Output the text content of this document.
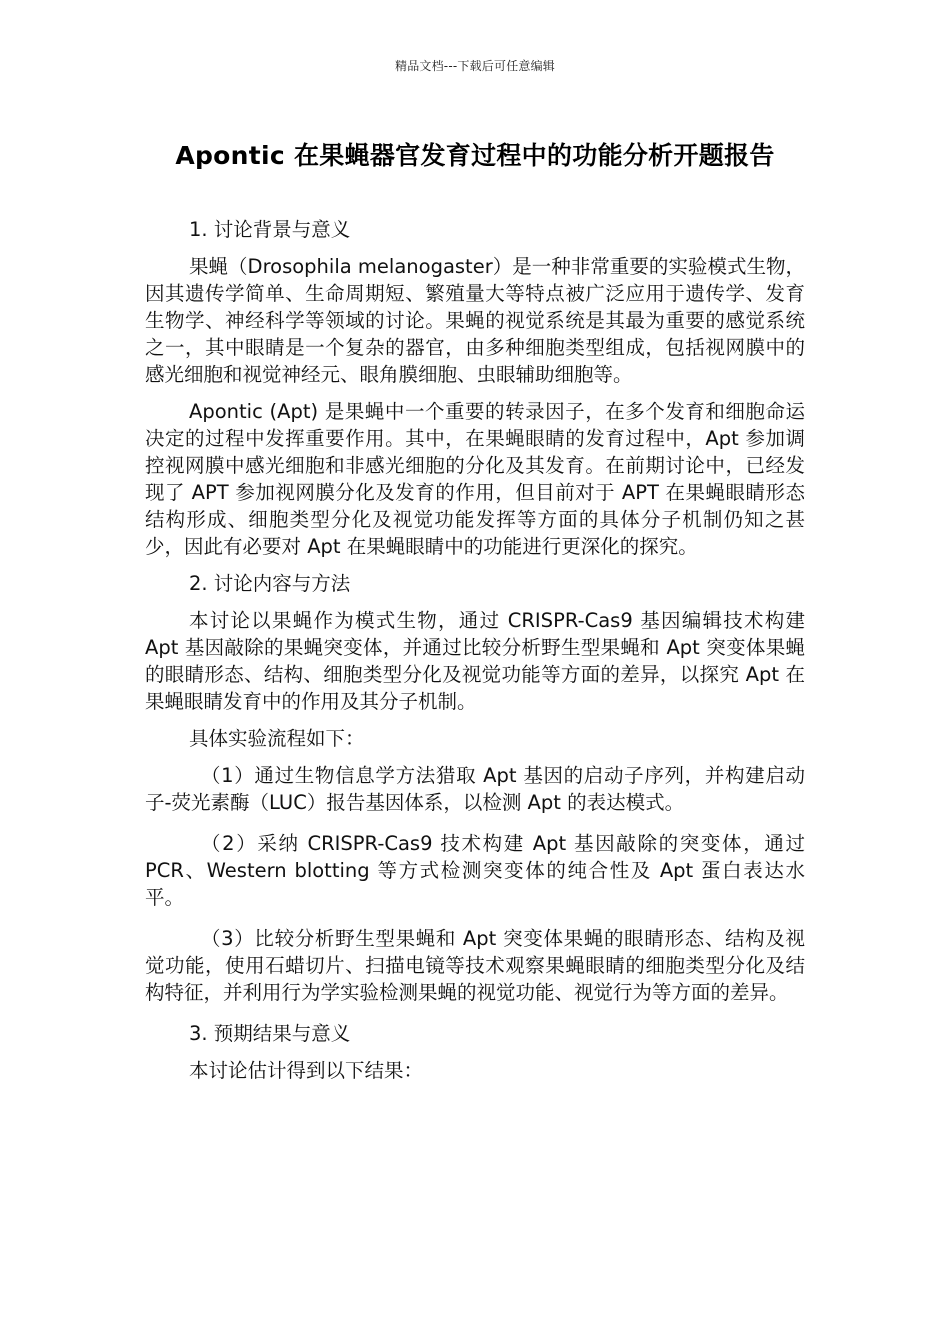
精品文档---下载后可任意编辑
Apontic 在果蝇器官发育过程中的功能分析开题报告

1. 讨论背景与意义

果蝇（Drosophila melanogaster）是一种非常重要的实验模式生物，因其遗传学简单、生命周期短、繁殖量大等特点被广泛应用于遗传学、发育生物学、神经科学等领域的讨论。果蝇的视觉系统是其最为重要的感觉系统之一，其中眼睛是一个复杂的器官，由多种细胞类型组成，包括视网膜中的感光细胞和视觉神经元、眼角膜细胞、虫眼辅助细胞等。

Apontic (Apt) 是果蝇中一个重要的转录因子，在多个发育和细胞命运决定的过程中发挥重要作用。其中，在果蝇眼睛的发育过程中，Apt 参加调控视网膜中感光细胞和非感光细胞的分化及其发育。在前期讨论中，已经发现了 APT 参加视网膜分化及发育的作用，但目前对于 APT 在果蝇眼睛形态结构形成、细胞类型分化及视觉功能发挥等方面的具体分子机制仍知之甚少，因此有必要对 Apt 在果蝇眼睛中的功能进行更深化的探究。

2. 讨论内容与方法

本讨论以果蝇作为模式生物，通过 CRISPR-Cas9 基因编辑技术构建 Apt 基因敲除的果蝇突变体，并通过比较分析野生型果蝇和 Apt 突变体果蝇的眼睛形态、结构、细胞类型分化及视觉功能等方面的差异，以探究 Apt 在果蝇眼睛发育中的作用及其分子机制。

具体实验流程如下：

（1）通过生物信息学方法猎取 Apt 基因的启动子序列，并构建启动子-荧光素酶（LUC）报告基因体系，以检测 Apt 的表达模式。

（2）采纳 CRISPR-Cas9 技术构建 Apt 基因敲除的突变体，通过 PCR、Western blotting 等方式检测突变体的纯合性及 Apt 蛋白表达水平。

（3）比较分析野生型果蝇和 Apt 突变体果蝇的眼睛形态、结构及视觉功能，使用石蜡切片、扫描电镜等技术观察果蝇眼睛的细胞类型分化及结构特征，并利用行为学实验检测果蝇的视觉功能、视觉行为等方面的差异。

3. 预期结果与意义

本讨论估计得到以下结果：
